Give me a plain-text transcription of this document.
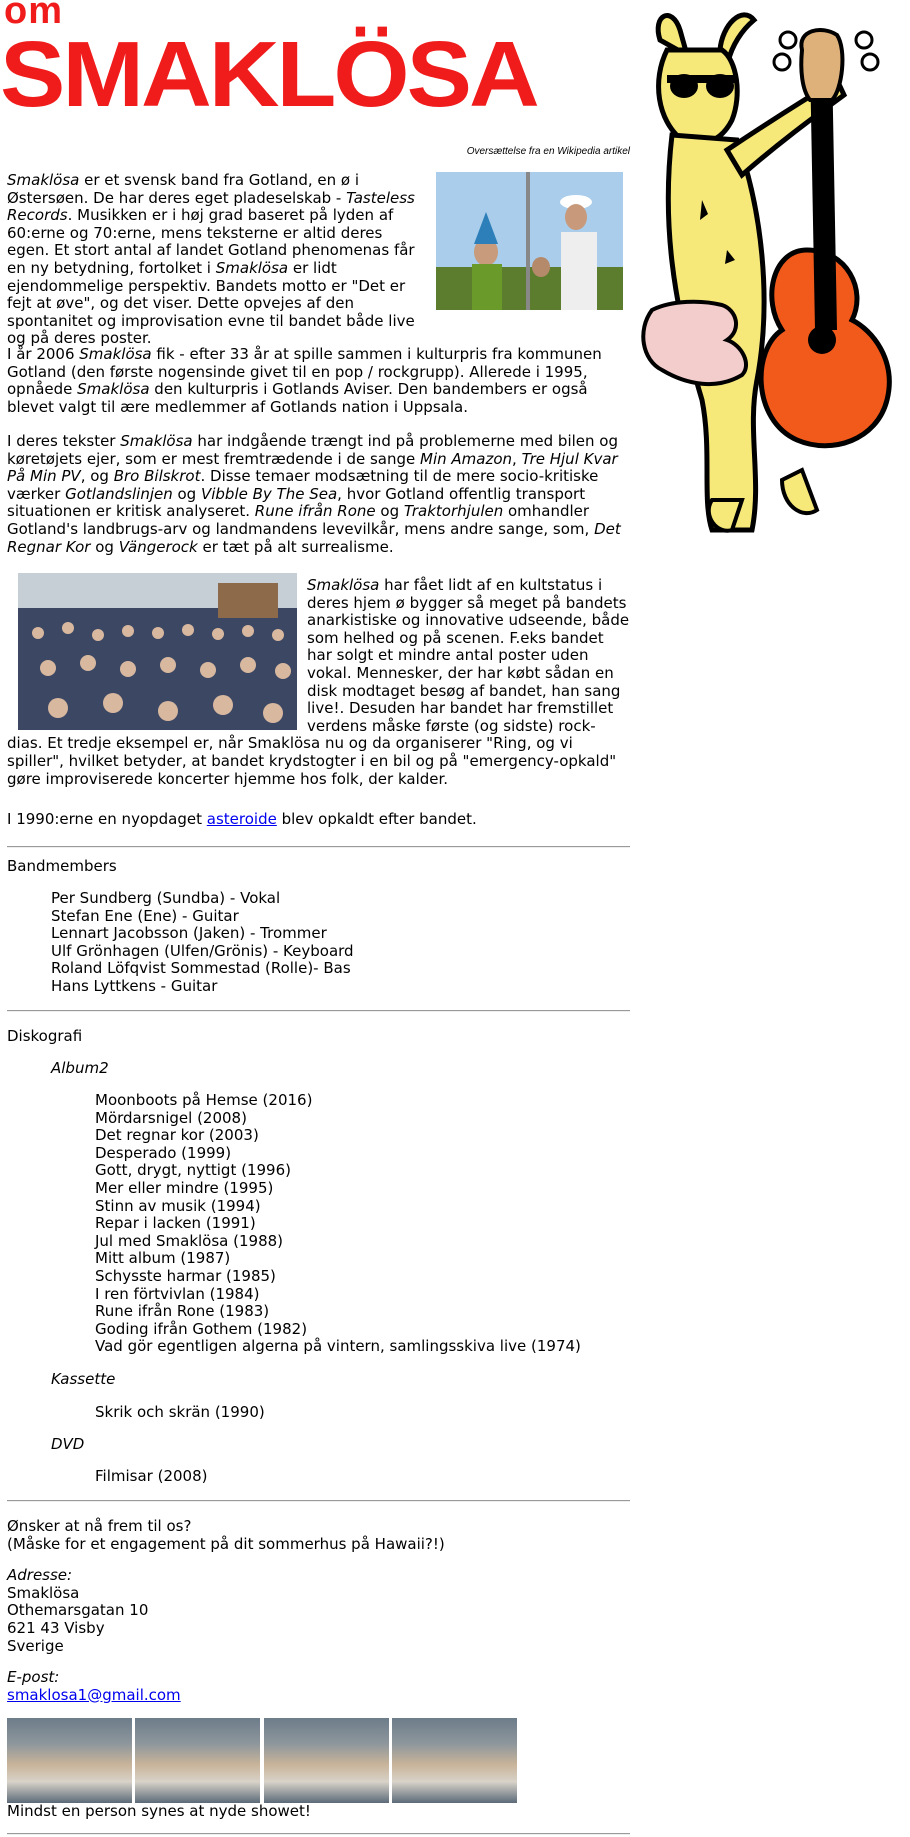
om
SMAKLÖSA
Oversættelse fra en Wikipedia artikel

Smaklösa er et svensk band fra Gotland, en ø i Østersøen. De har deres eget pladeselskab - Tasteless Records. Musikken er i høj grad baseret på lyden af 60:erne og 70:erne, mens teksterne er altid deres egen. Et stort antal af landet Gotland phenomenas får en ny betydning, fortolket i Smaklösa er lidt ejendommelige perspektiv. Bandets motto er "Det er fejt at øve", og det viser. Dette opvejes af den spontanitet og improvisation evne til bandet både live og på deres poster.

I år 2006 Smaklösa fik - efter 33 år at spille sammen i kulturpris fra kommunen Gotland (den første nogensinde givet til en pop / rockgrupp). Allerede i 1995, opnåede Smaklösa den kulturpris i Gotlands Aviser. Den bandembers er også blevet valgt til ære medlemmer af Gotlands nation i Uppsala.

I deres tekster Smaklösa har indgående trængt ind på problemerne med bilen og køretøjets ejer, som er mest fremtrædende i de sange Min Amazon, Tre Hjul Kvar På Min PV, og Bro Bilskrot. Disse temaer modsætning til de mere socio-kritiske værker Gotlandslinjen og Vibble By The Sea, hvor Gotland offentlig transport situationen er kritisk analyseret. Rune ifrån Rone og Traktorhjulen omhandler Gotland's landbrugs-arv og landmandens levevilkår, mens andre sange, som, Det Regnar Kor og Vängerock er tæt på alt surrealisme.

Smaklösa har fået lidt af en kultstatus i deres hjem ø bygger så meget på bandets anarkistiske og innovative udseende, både som helhed og på scenen. F.eks bandet har solgt et mindre antal poster uden vokal. Mennesker, der har købt sådan en disk modtaget besøg af bandet, han sang live!. Desuden har bandet har fremstillet verdens måske første (og sidste) rock-dias. Et tredje eksempel er, når Smaklösa nu og da organiserer "Ring, og vi spiller", hvilket betyder, at bandet krydstogter i en bil og på "emergency-opkald" gøre improviserede koncerter hjemme hos folk, der kalder.

I 1990:erne en nyopdaget asteroide blev opkaldt efter bandet.

Bandmembers
Per Sundberg (Sundba) - Vokal
Stefan Ene (Ene) - Guitar
Lennart Jacobsson (Jaken) - Trommer
Ulf Grönhagen (Ulfen/Grönis) - Keyboard
Roland Löfqvist Sommestad (Rolle)- Bas
Hans Lyttkens - Guitar
Diskografi
Album2
Moonboots på Hemse (2016)
Mördarsnigel (2008)
Det regnar kor (2003)
Desperado (1999)
Gott, drygt, nyttigt (1996)
Mer eller mindre (1995)
Stinn av musik (1994)
Repar i lacken (1991)
Jul med Smaklösa (1988)
Mitt album (1987)
Schysste harmar (1985)
I ren förtvivlan (1984)
Rune ifrån Rone (1983)
Goding ifrån Gothem (1982)
Vad gör egentligen algerna på vintern, samlingsskiva live (1974)
Kassette
Skrik och skrän (1990)
DVD
Filmisar (2008)
Ønsker at nå frem til os?
(Måske for et engagement på dit sommerhus på Hawaii?!)
Adresse:
Smaklösa
Othemarsgatan 10
621 43 Visby
Sverige
E-post:
smaklosa1@gmail.com
Mindst en person synes at nyde showet!
